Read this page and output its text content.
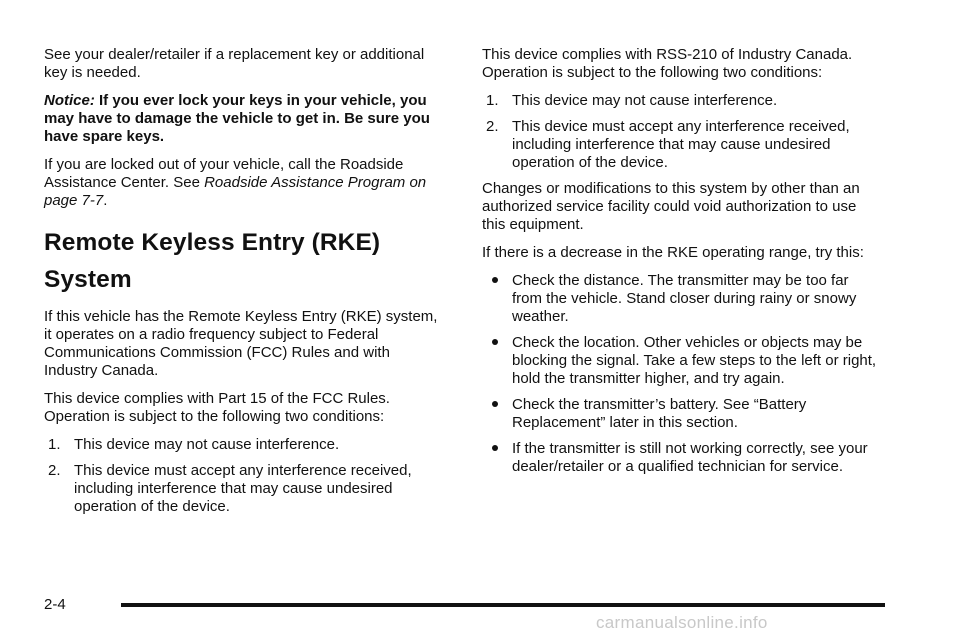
See your dealer/retailer if a replacement key or additional key is needed.

Notice: If you ever lock your keys in your vehicle, you may have to damage the vehicle to get in. Be sure you have spare keys.

If you are locked out of your vehicle, call the Roadside Assistance Center. See Roadside Assistance Program on page 7-7.

Remote Keyless Entry (RKE) System

If this vehicle has the Remote Keyless Entry (RKE) system, it operates on a radio frequency subject to Federal Communications Commission (FCC) Rules and with Industry Canada.

This device complies with Part 15 of the FCC Rules. Operation is subject to the following two conditions:

1. This device may not cause interference.
2. This device must accept any interference received, including interference that may cause undesired operation of the device.

This device complies with RSS-210 of Industry Canada. Operation is subject to the following two conditions:

1. This device may not cause interference.
2. This device must accept any interference received, including interference that may cause undesired operation of the device.

Changes or modifications to this system by other than an authorized service facility could void authorization to use this equipment.

If there is a decrease in the RKE operating range, try this:

Check the distance. The transmitter may be too far from the vehicle. Stand closer during rainy or snowy weather.
Check the location. Other vehicles or objects may be blocking the signal. Take a few steps to the left or right, hold the transmitter higher, and try again.
Check the transmitter’s battery. See “Battery Replacement” later in this section.
If the transmitter is still not working correctly, see your dealer/retailer or a qualified technician for service.
2-4
carmanualsonline.info
